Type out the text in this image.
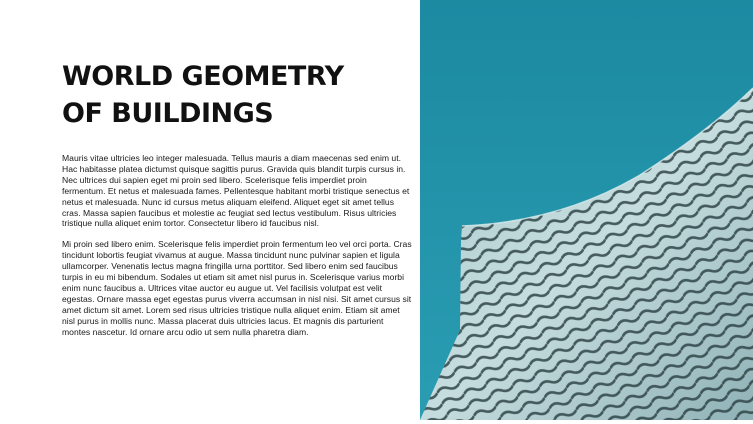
WORLD GEOMETRY
OF BUILDINGS

Mauris vitae ultricies leo integer malesuada. Tellus mauris a diam maecenas sed enim ut. Hac habitasse platea dictumst quisque sagittis purus. Gravida quis blandit turpis cursus in. Nec ultrices dui sapien eget mi proin sed libero. Scelerisque felis imperdiet proin fermentum. Et netus et malesuada fames. Pellentesque habitant morbi tristique senectus et netus et malesuada. Nunc id cursus metus aliquam eleifend. Aliquet eget sit amet tellus cras. Massa sapien faucibus et molestie ac feugiat sed lectus vestibulum. Risus ultricies tristique nulla aliquet enim tortor. Consectetur libero id faucibus nisl.

Mi proin sed libero enim. Scelerisque felis imperdiet proin fermentum leo vel orci porta. Cras tincidunt lobortis feugiat vivamus at augue. Massa tincidunt nunc pulvinar sapien et ligula ullamcorper. Venenatis lectus magna fringilla urna porttitor. Sed libero enim sed faucibus turpis in eu mi bibendum. Sodales ut etiam sit amet nisl purus in. Scelerisque varius morbi enim nunc faucibus a. Ultrices vitae auctor eu augue ut. Vel facilisis volutpat est velit egestas. Ornare massa eget egestas purus viverra accumsan in nisl nisi. Sit amet cursus sit amet dictum sit amet. Lorem sed risus ultricies tristique nulla aliquet enim. Etiam sit amet nisl purus in mollis nunc. Massa placerat duis ultricies lacus. Et magnis dis parturient montes nascetur. Id ornare arcu odio ut sem nulla pharetra diam.
